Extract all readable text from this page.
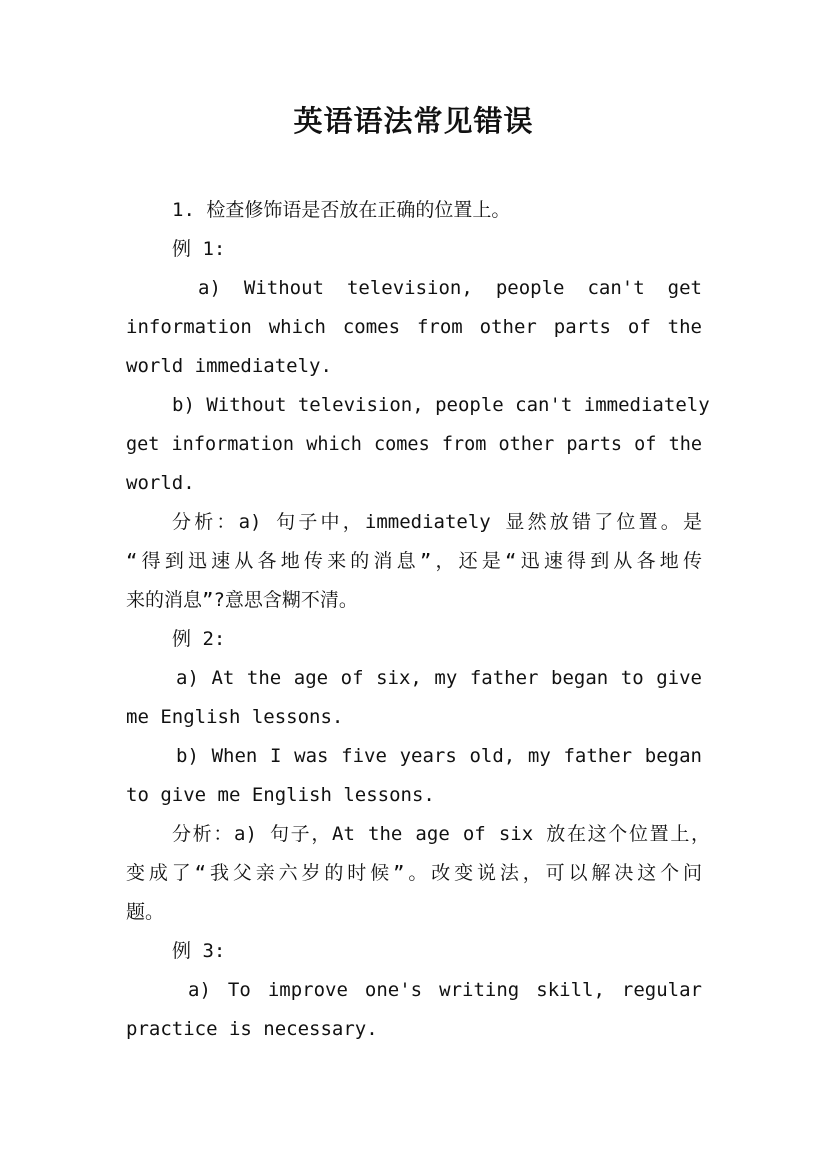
英语语法常见错误
1. 检查修饰语是否放在正确的位置上。
例 1:
a) Without television, people can't get
information which comes from other parts of the
world immediately.
b) Without television, people can't immediately
get information which comes from other parts of the
world.
分析：a) 句子中，immediately 显然放错了位置。是
“得到迅速从各地传来的消息”，还是“迅速得到从各地传
来的消息”?意思含糊不清。
例 2:
a) At the age of six, my father began to give
me English lessons.
b) When I was five years old, my father began
to give me English lessons.
分析：a) 句子，At the age of six 放在这个位置上，
变成了“我父亲六岁的时候”。改变说法，可以解决这个问
题。
例 3:
a) To improve one's writing skill, regular
practice is necessary.
